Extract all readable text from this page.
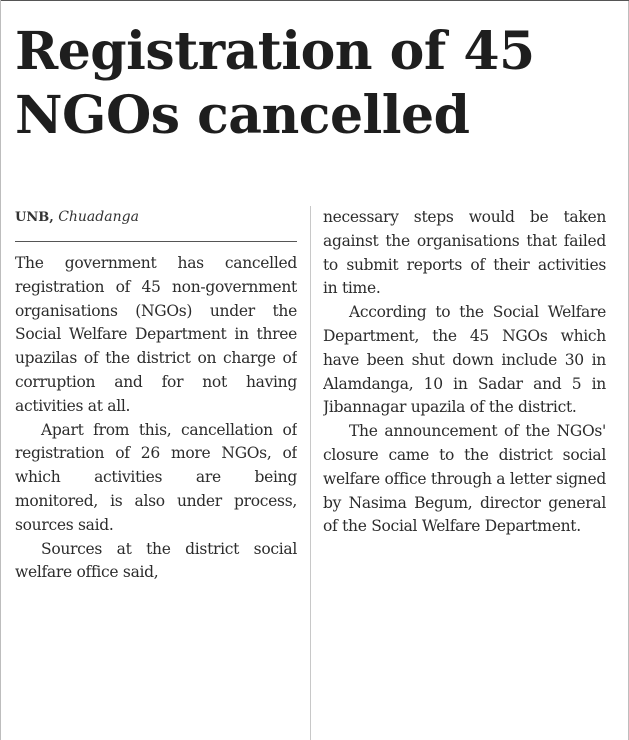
Registration of 45 NGOs cancelled
UNB, Chuadanga

The government has cancelled registration of 45 non-government organisations (NGOs) under the Social Welfare Department in three upazilas of the district on charge of corruption and for not having activities at all.

Apart from this, cancellation of registration of 26 more NGOs, of which activities are being monitored, is also under process, sources said.

Sources at the district social welfare office said,

necessary steps would be taken against the organisations that failed to submit reports of their activities in time.

According to the Social Welfare Department, the 45 NGOs which have been shut down include 30 in Alamdanga, 10 in Sadar and 5 in Jibannagar upazila of the district.

The announcement of the NGOs' closure came to the district social welfare office through a letter signed by Nasima Begum, director general of the Social Welfare Department.
